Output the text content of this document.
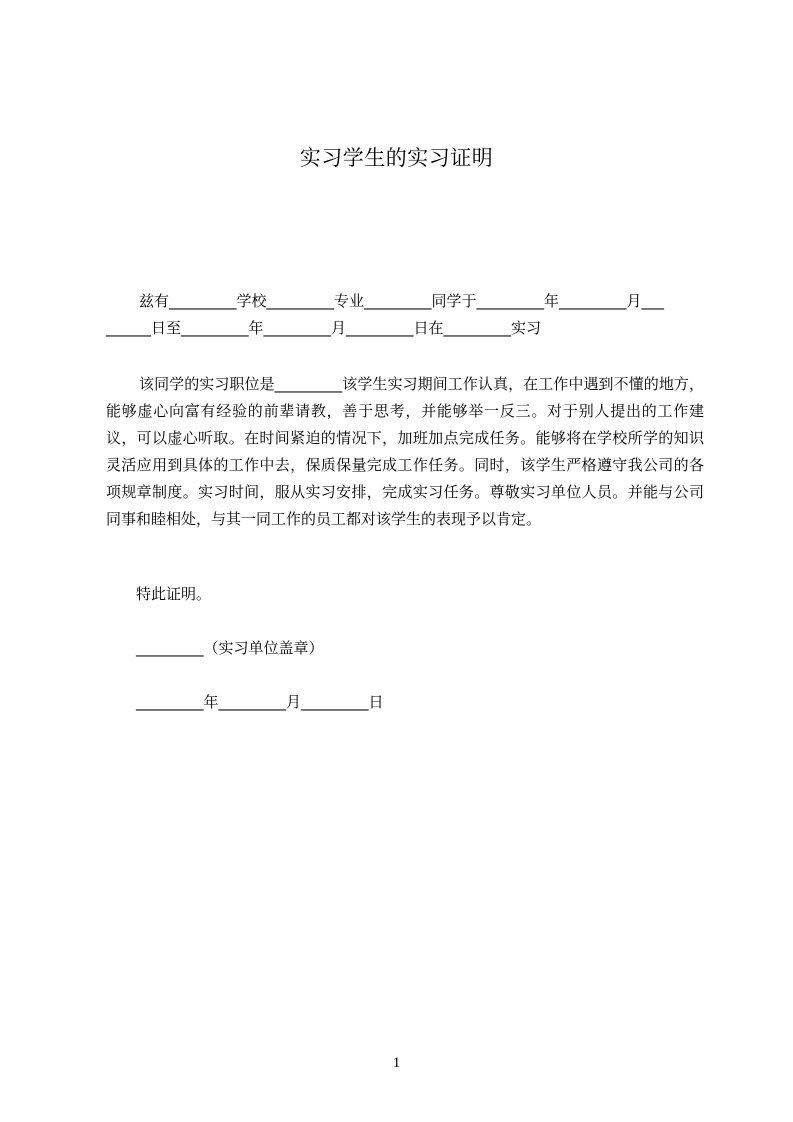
实习学生的实习证明
兹有_________学校_________专业_________同学于_________年_________月___
______日至_________年_________月_________日在_________实习
该同学的实习职位是_________该学生实习期间工作认真，在工作中遇到不懂的地方，能够虚心向富有经验的前辈请教，善于思考，并能够举一反三。对于别人提出的工作建议，可以虚心听取。在时间紧迫的情况下，加班加点完成任务。能够将在学校所学的知识灵活应用到具体的工作中去，保质保量完成工作任务。同时，该学生严格遵守我公司的各项规章制度。实习时间，服从实习安排，完成实习任务。尊敬实习单位人员。并能与公司同事和睦相处，与其一同工作的员工都对该学生的表现予以肯定。
特此证明。
_________（实习单位盖章）
_________年_________月_________日
1
